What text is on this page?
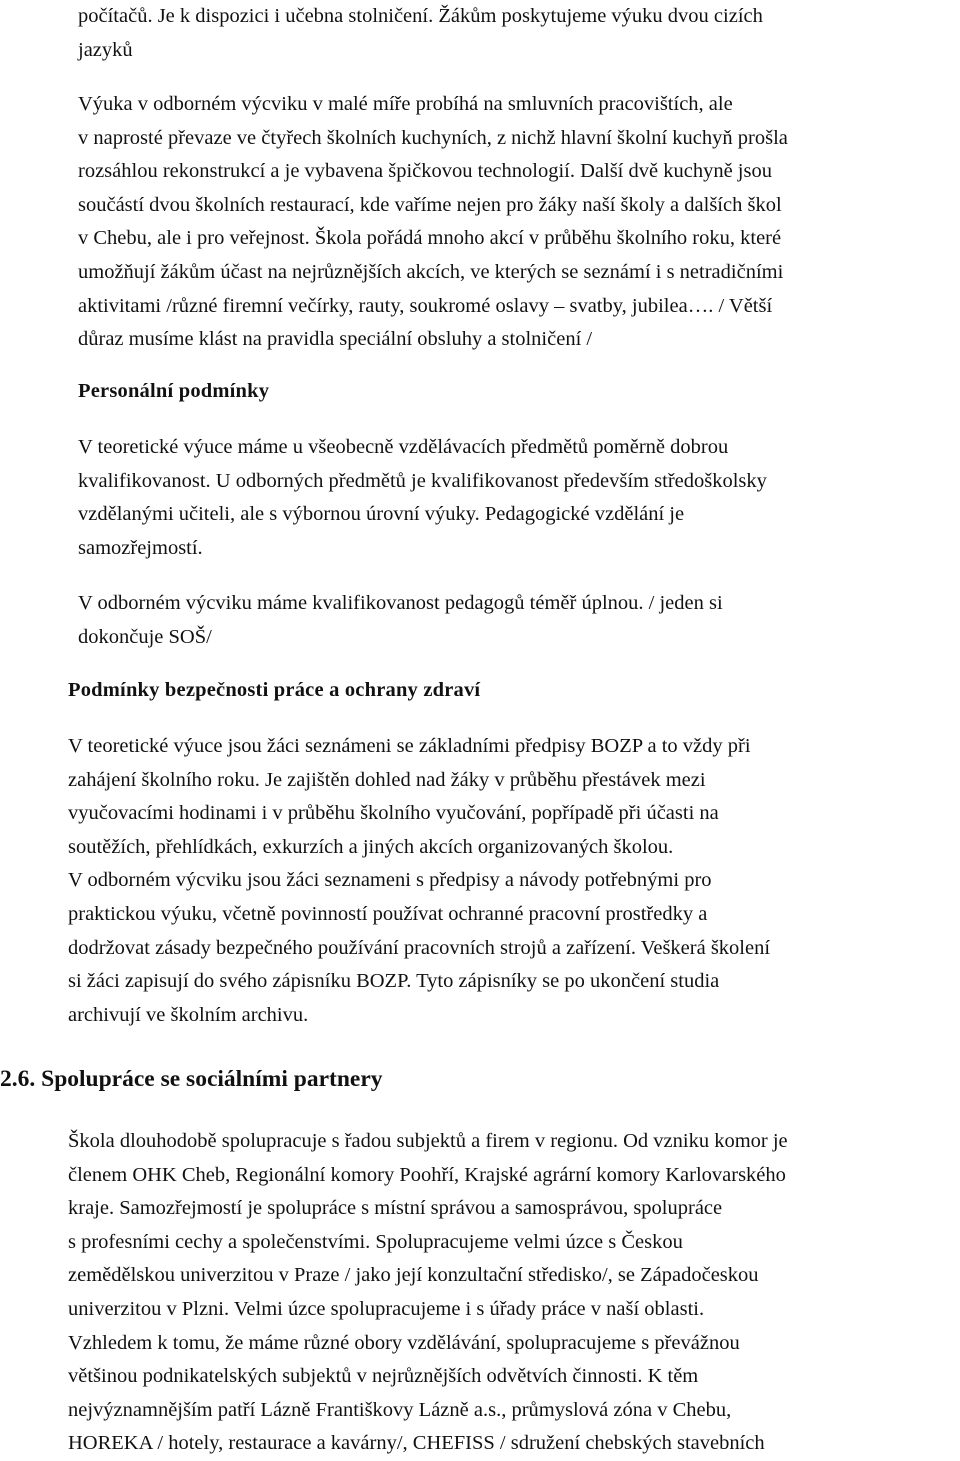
počítačů. Je k dispozici i učebna stolničení. Žákům poskytujeme výuku dvou cizích
jazyků
Výuka v odborném výcviku v malé míře probíhá na smluvních pracovištích, ale
v naprosté převaze ve čtyřech školních kuchyních, z nichž hlavní školní kuchyň prošla
rozsáhlou rekonstrukcí a je vybavena špičkovou technologií. Další dvě kuchyně jsou
součástí dvou školních restaurací, kde vaříme nejen pro žáky naší školy a dalších škol
v Chebu, ale i pro veřejnost. Škola pořádá mnoho akcí v průběhu školního roku, které
umožňují žákům účast na nejrůznějších akcích, ve kterých se seznámí i s netradičními
aktivitami /různé firemní večírky, rauty, soukromé oslavy – svatby, jubilea…. / Větší
důraz musíme klást na pravidla speciální obsluhy a stolničení /
Personální podmínky
V teoretické výuce máme u všeobecně vzdělávacích předmětů poměrně dobrou
kvalifikovanost. U odborných předmětů je kvalifikovanost především středoškolsky
vzdělanými učiteli, ale s výbornou úrovní výuky. Pedagogické vzdělání je
samozřejmostí.
V odborném výcviku máme kvalifikovanost pedagogů téměř úplnou. / jeden si
dokončuje SOŠ/
Podmínky bezpečnosti práce a ochrany zdraví
V teoretické výuce jsou žáci seznámeni se základními předpisy BOZP a to vždy při
zahájení školního roku. Je zajištěn dohled nad žáky v průběhu přestávek mezi
vyučovacími hodinami i v průběhu školního vyučování, popřípadě při účasti na
soutěžích, přehlídkách, exkurzích a jiných akcích organizovaných školou.
V odborném výcviku jsou žáci seznameni s předpisy a návody potřebnými pro
praktickou výuku, včetně povinností používat ochranné pracovní prostředky a
dodržovat zásady bezpečného používání pracovních strojů a zařízení. Veškerá školení
si žáci zapisují do svého zápisníku BOZP. Tyto zápisníky se po ukončení studia
archivují ve školním archivu.
2.6. Spolupráce se sociálními partnery
Škola dlouhodobě spolupracuje s řadou subjektů a firem v regionu. Od vzniku komor je
členem OHK Cheb, Regionální komory Poohří, Krajské agrární komory Karlovarského
kraje. Samozřejmostí je spolupráce s místní správou a samosprávou, spolupráce
s profesními cechy a společenstvími. Spolupracujeme velmi úzce s Českou
zemědělskou univerzitou v Praze / jako její konzultační středisko/, se Západočeskou
univerzitou v Plzni. Velmi úzce spolupracujeme i s úřady práce v naší oblasti.
Vzhledem k tomu, že máme různé obory vzdělávání, spolupracujeme s převážnou
většinou podnikatelských subjektů v nejrůznějších odvětvích činnosti. K těm
nejvýznamnějším patří Lázně Františkovy Lázně a.s., průmyslová zóna v Chebu,
HOREKA / hotely, restaurace a kavárny/, CHEFISS / sdružení chebských stavebních
